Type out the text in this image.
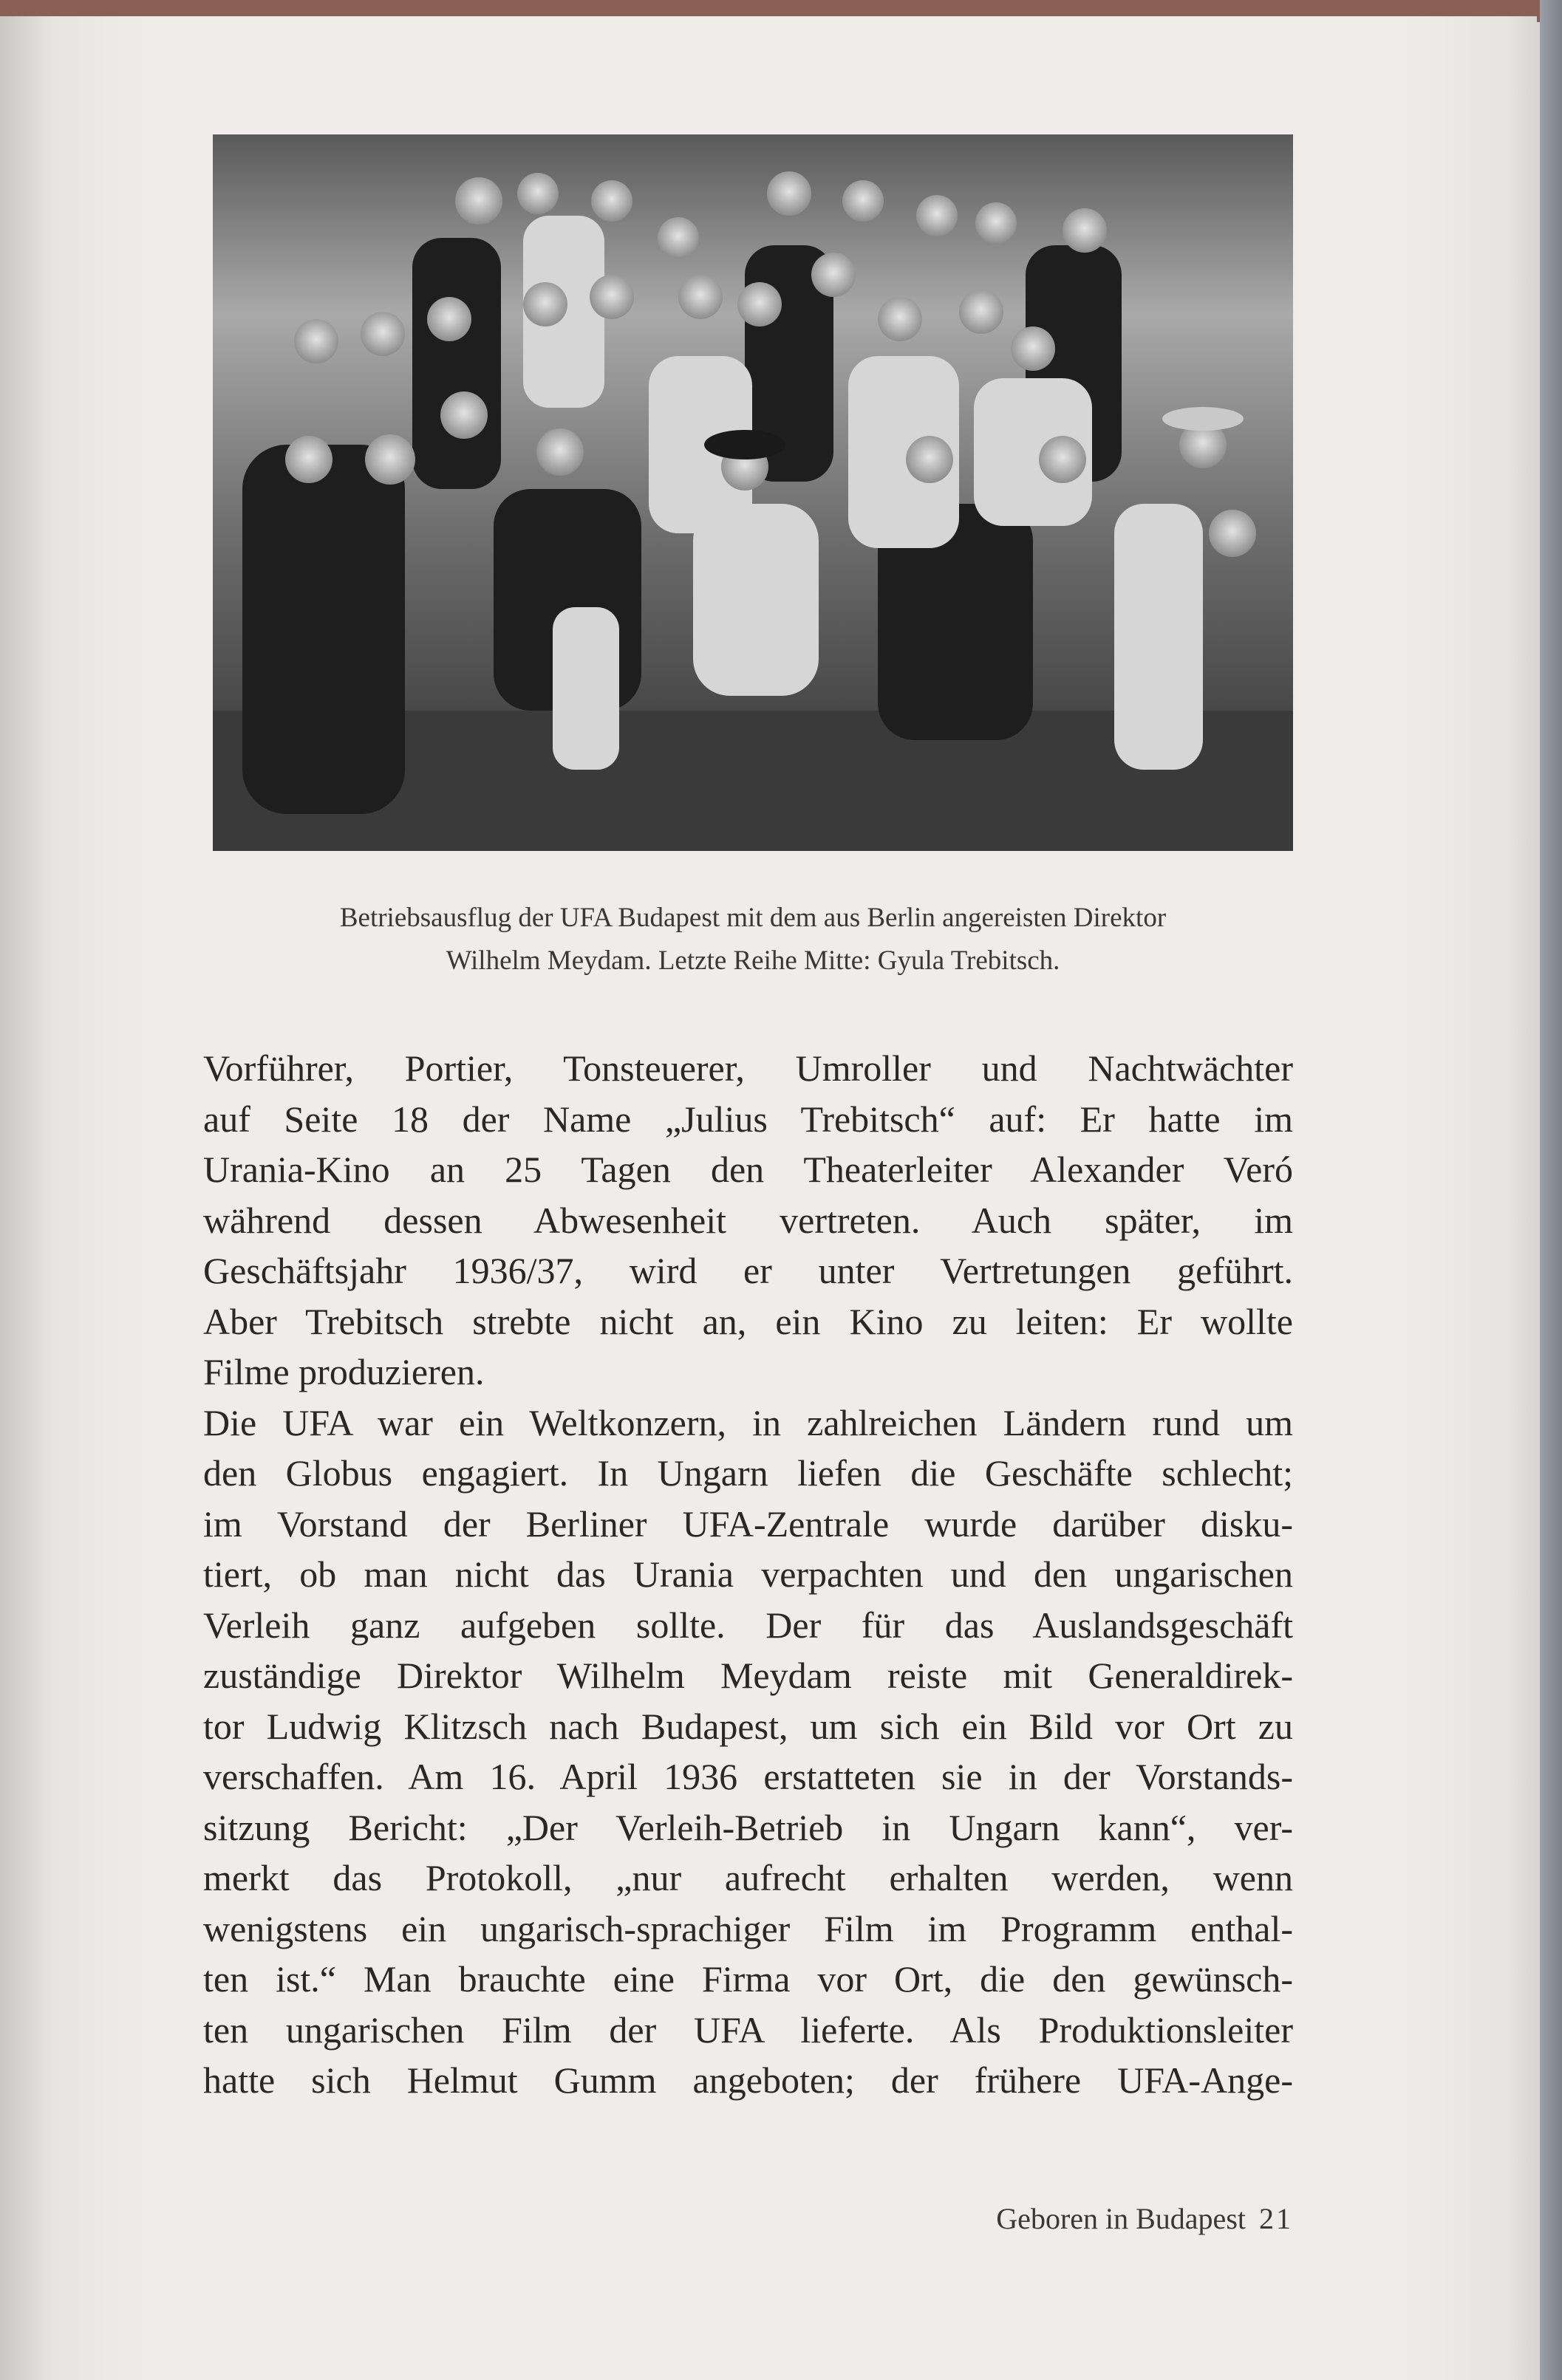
Betriebsausflug der UFA Budapest mit dem aus Berlin angereisten Direktor
Wilhelm Meydam. Letzte Reihe Mitte: Gyula Trebitsch.
Vorführer, Portier, Tonsteuerer, Umroller und Nachtwächter
auf Seite 18 der Name „Julius Trebitsch“ auf: Er hatte im
Urania-Kino an 25 Tagen den Theaterleiter Alexander Veró
während dessen Abwesenheit vertreten. Auch später, im
Geschäftsjahr 1936/37, wird er unter Vertretungen geführt.
Aber Trebitsch strebte nicht an, ein Kino zu leiten: Er wollte
Filme produzieren.
Die UFA war ein Weltkonzern, in zahlreichen Ländern rund um
den Globus engagiert. In Ungarn liefen die Geschäfte schlecht;
im Vorstand der Berliner UFA-Zentrale wurde darüber disku-
tiert, ob man nicht das Urania verpachten und den ungarischen
Verleih ganz aufgeben sollte. Der für das Auslandsgeschäft
zuständige Direktor Wilhelm Meydam reiste mit Generaldirek-
tor Ludwig Klitzsch nach Budapest, um sich ein Bild vor Ort zu
verschaffen. Am 16. April 1936 erstatteten sie in der Vorstands-
sitzung Bericht: „Der Verleih-Betrieb in Ungarn kann“, ver-
merkt das Protokoll, „nur aufrecht erhalten werden, wenn
wenigstens ein ungarisch-sprachiger Film im Programm enthal-
ten ist.“ Man brauchte eine Firma vor Ort, die den gewünsch-
ten ungarischen Film der UFA lieferte. Als Produktionsleiter
hatte sich Helmut Gumm angeboten; der frühere UFA-Ange-
Geboren in Budapest 21
